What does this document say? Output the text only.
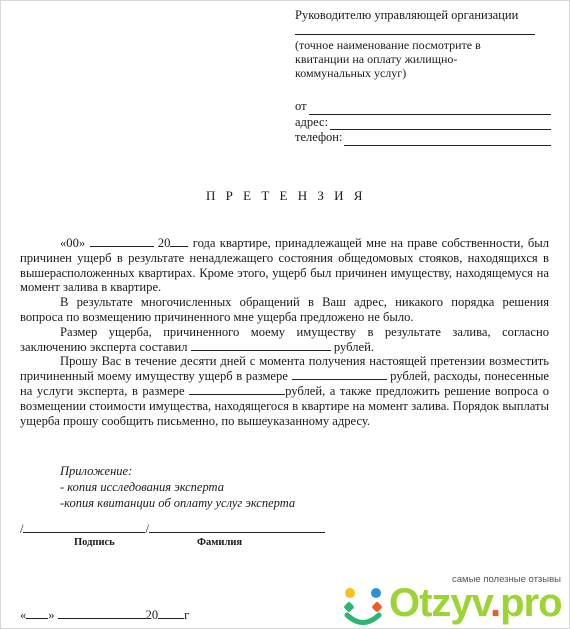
Руководителю управляющей организации
(точное наименование посмотрите в квитанции на оплату жилищно-коммунальных услуг)
от
адрес:
телефон:
П Р Е Т Е Н З И Я

«00»	20 года квартире, принадлежащей мне на праве собственности, был причинен ущерб в результате ненадлежащего состояния общедомовых стояков, находящихся в вышерасположенных квартирах. Кроме этого, ущерб был причинен имуществу, находящемуся на момент залива в квартире.

В результате многочисленных обращений в Ваш адрес, никакого порядка решения вопроса по возмещению причиненного мне ущерба предложено не было.

Размер ущерба, причиненного моему имуществу в результате залива, согласно заключению эксперта составил	рублей.

Прошу Вас в течение десяти дней с момента получения настоящей претензии возместить причиненный моему имуществу ущерб в размере	рублей, расходы, понесенные на услуги эксперта, в размере	рублей, а также предложить решение вопроса о возмещении стоимости имущества, находящегося в квартире на момент залива. Порядок выплаты ущерба прошу сообщить письменно, по вышеуказанному адресу.

Приложение:
- копия исследования эксперта
-копия квитанции об оплату услуг эксперта
/	/
Подпись	Фамилия
« »	20 г
самые полезные отзывы
Otzyv.pro
